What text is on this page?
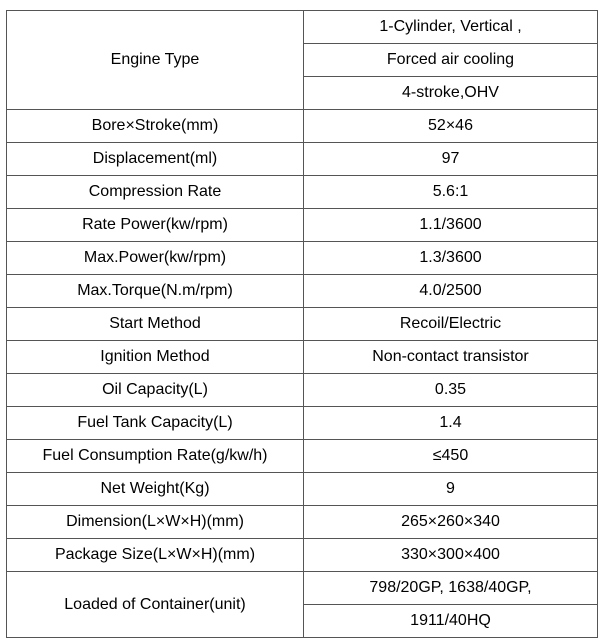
Engine Type	1-Cylinder, Vertical ,
	Forced air cooling
	4-stroke,OHV
Bore×Stroke(mm)	52×46
Displacement(ml)	97
Compression Rate	5.6:1
Rate Power(kw/rpm)	1.1/3600
Max.Power(kw/rpm)	1.3/3600
Max.Torque(N.m/rpm)	4.0/2500
Start Method	Recoil/Electric
Ignition Method	Non-contact transistor
Oil Capacity(L)	0.35
Fuel Tank Capacity(L)	1.4
Fuel Consumption Rate(g/kw/h)	≤450
Net Weight(Kg)	9
Dimension(L×W×H)(mm)	265×260×340
Package Size(L×W×H)(mm)	330×300×400
Loaded of Container(unit)	798/20GP, 1638/40GP,
	1911/40HQ
